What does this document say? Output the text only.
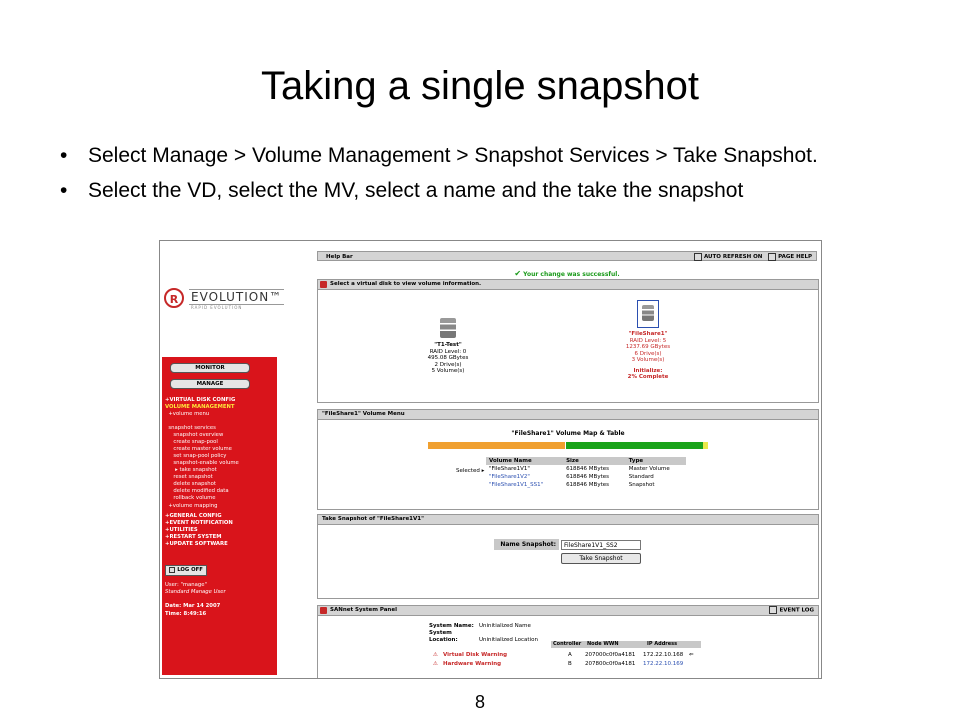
Taking a single snapshot
• Select Manage > Volume Management > Snapshot Services > Take Snapshot.
• Select the VD, select the MV, select a name and the take the snapshot
8
R	EVOLUTION™
RAPID EVOLUTION
MONITOR
MANAGE
+VIRTUAL DISK CONFIG
VOLUME MANAGEMENT
+volume menu
snapshot services
snapshot overview
create snap-pool
create master volume
set snap-pool policy
snapshot-enable volume
▸ take snapshot
reset snapshot
delete snapshot
delete modified data
rollback volume
+volume mapping
+GENERAL CONFIG
+EVENT NOTIFICATION
+UTILITIES
+RESTART SYSTEM
+UPDATE SOFTWARE
LOG OFF
User: "manage"
Standard Manage User
Date: Mar 14 2007
Time: 8:49:16
Help Bar	AUTO REFRESH ON	PAGE HELP
✔ Your change was successful.
Select a virtual disk to view volume information.
"T1-Test"
RAID Level: 0
495.08 GBytes
2 Drive(s)
5 Volume(s)
"FileShare1"
RAID Level: 5
1237.69 GBytes
6 Drive(s)
3 Volume(s)
Initialize:
2% Complete
"FileShare1" Volume Menu
"FileShare1" Volume Map & Table
Selected ▸
Volume Name	Size	Type
"FileShare1V1"	618846 MBytes	Master Volume
"FileShare1V2"	618846 MBytes	Standard
"FileShare1V1_SS1"	618846 MBytes	Snapshot
Take Snapshot of "FileShare1V1"
Name Snapshot:	FileShare1V1_SS2
Take Snapshot
SANnet System Panel	EVENT LOG
System Name: Uninitialized Name
System Location:	Uninitialized Location
Controller Node WWN	IP Address
⚠ Virtual Disk Warning	A 207000c0f0a4181 172.22.10.168 ⇐
⚠ Hardware Warning	B 207800c0f0a4181 172.22.10.169
